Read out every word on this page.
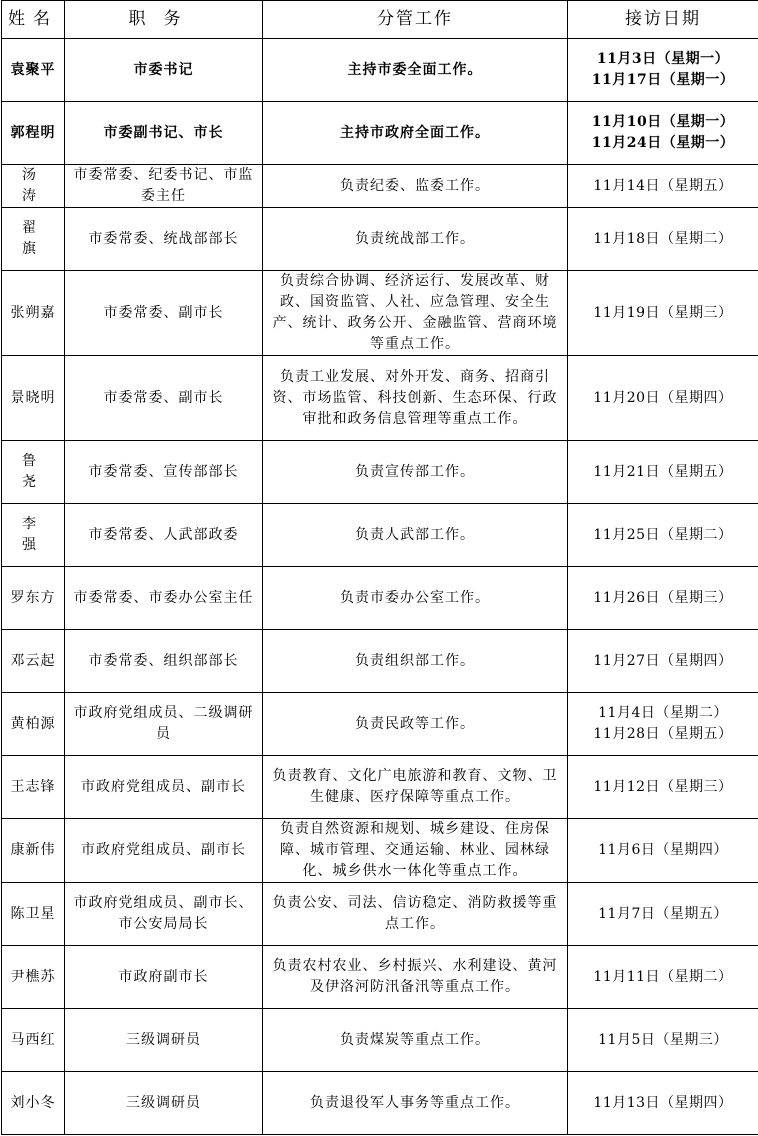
姓名	职务	分管工作	接访日期
袁聚平	市委书记	主持市委全面工作。	11月3日（星期一）
11月17日（星期一）

郭程明	市委副书记、市长	主持市政府全面工作。	11月10日（星期一）
11月24日（星期一）

汤涛	市委常委、纪委书记、市监委主任	负责纪委、监委工作。	11月14日（星期五）

翟旗	市委常委、统战部部长	负责统战部工作。	11月18日（星期二）

张朔嘉	市委常委、副市长	负责综合协调、经济运行、发展改革、财政、国资监管、人社、应急管理、安全生产、统计、政务公开、金融监管、营商环境等重点工作。	11月19日（星期三）

景晓明	市委常委、副市长	负责工业发展、对外开发、商务、招商引资、市场监管、科技创新、生态环保、行政审批和政务信息管理等重点工作。	11月20日（星期四）

鲁尧	市委常委、宣传部部长	负责宣传部工作。	11月21日（星期五）

李强	市委常委、人武部政委	负责人武部工作。	11月25日（星期二）

罗东方	市委常委、市委办公室主任	负责市委办公室工作。	11月26日（星期三）

邓云起	市委常委、组织部部长	负责组织部工作。	11月27日（星期四）

黄柏源	市政府党组成员、二级调研员	负责民政等工作。	11月4日（星期二）
11月28日（星期五）

王志锋	市政府党组成员、副市长	负责教育、文化广电旅游和教育、文物、卫生健康、医疗保障等重点工作。	11月12日（星期三）

康新伟	市政府党组成员、副市长	负责自然资源和规划、城乡建设、住房保障、城市管理、交通运输、林业、园林绿化、城乡供水一体化等重点工作。	11月6日（星期四）

陈卫星	市政府党组成员、副市长、市公安局局长	负责公安、司法、信访稳定、消防救援等重点工作。	11月7日（星期五）

尹樵苏	市政府副市长	负责农村农业、乡村振兴、水利建设、黄河及伊洛河防汛备汛等重点工作。	11月11日（星期二）

马西红	三级调研员	负责煤炭等重点工作。	11月5日（星期三）

刘小冬	三级调研员	负责退役军人事务等重点工作。	11月13日（星期四）
